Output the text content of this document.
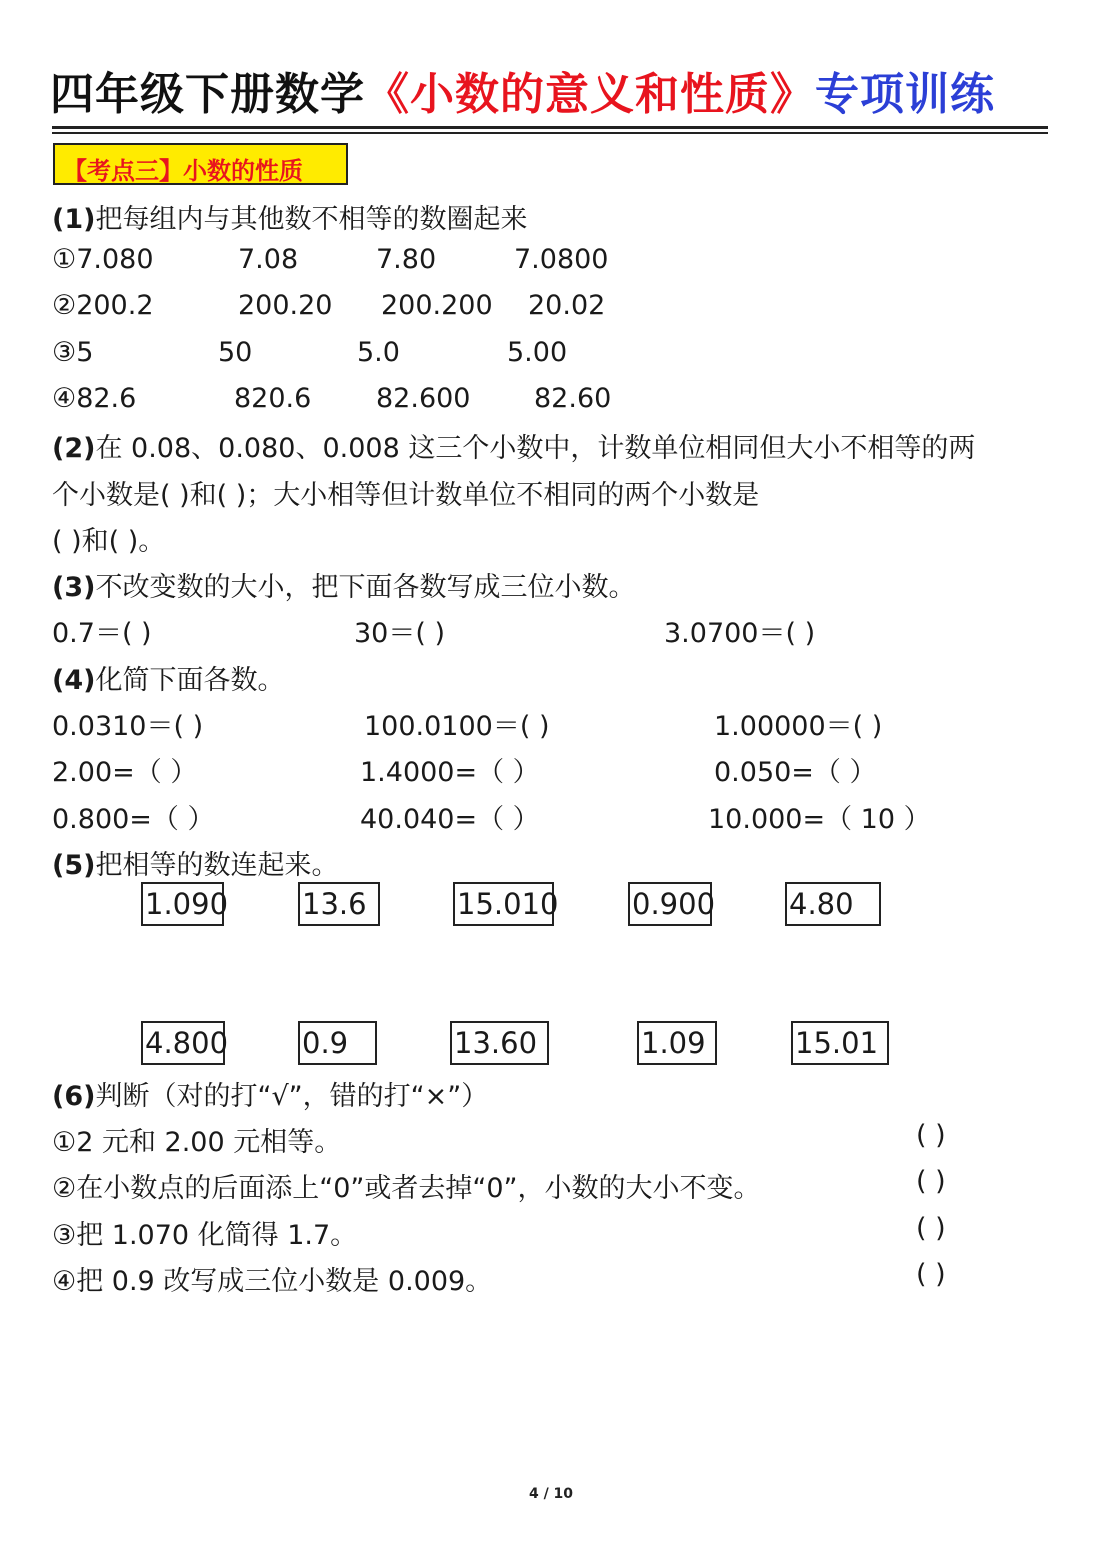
四年级下册数学《小数的意义和性质》专项训练
【考点三】小数的性质
(1)把每组内与其他数不相等的数圈起来
①7.080	7.08	7.80	7.0800
②200.2	200.20 200.200 20.02
③5	50	5.0	5.00
④82.6	820.6 82.600 82.60
(2)在 0.08、0.080、0.008 这三个小数中，计数单位相同但大小不相等的两
个小数是( )和( )；大小相等但计数单位不相同的两个小数是
( )和( )。
(3)不改变数的大小，把下面各数写成三位小数。
0.7＝( )	30＝( )	3.0700＝( )
(4)化简下面各数。
0.0310＝( )	100.0100＝( )	1.00000＝( )
2.00=（ ）	1.4000=（ ）	0.050=（ ）
0.800=（ ）	40.040=（ ）	10.000=（ 10 ）
(5)把相等的数连起来。
1.090	13.6	15.010	0.900	4.80
4.800	0.9	13.60	1.09	15.01
(6)判断（对的打“√”，错的打“×”）
①2 元和 2.00 元相等。	( )
②在小数点的后面添上“0”或者去掉“0”，小数的大小不变。	( )
③把 1.070 化简得 1.7。	( )
④把 0.9 改写成三位小数是 0.009。	( )
4 / 10
